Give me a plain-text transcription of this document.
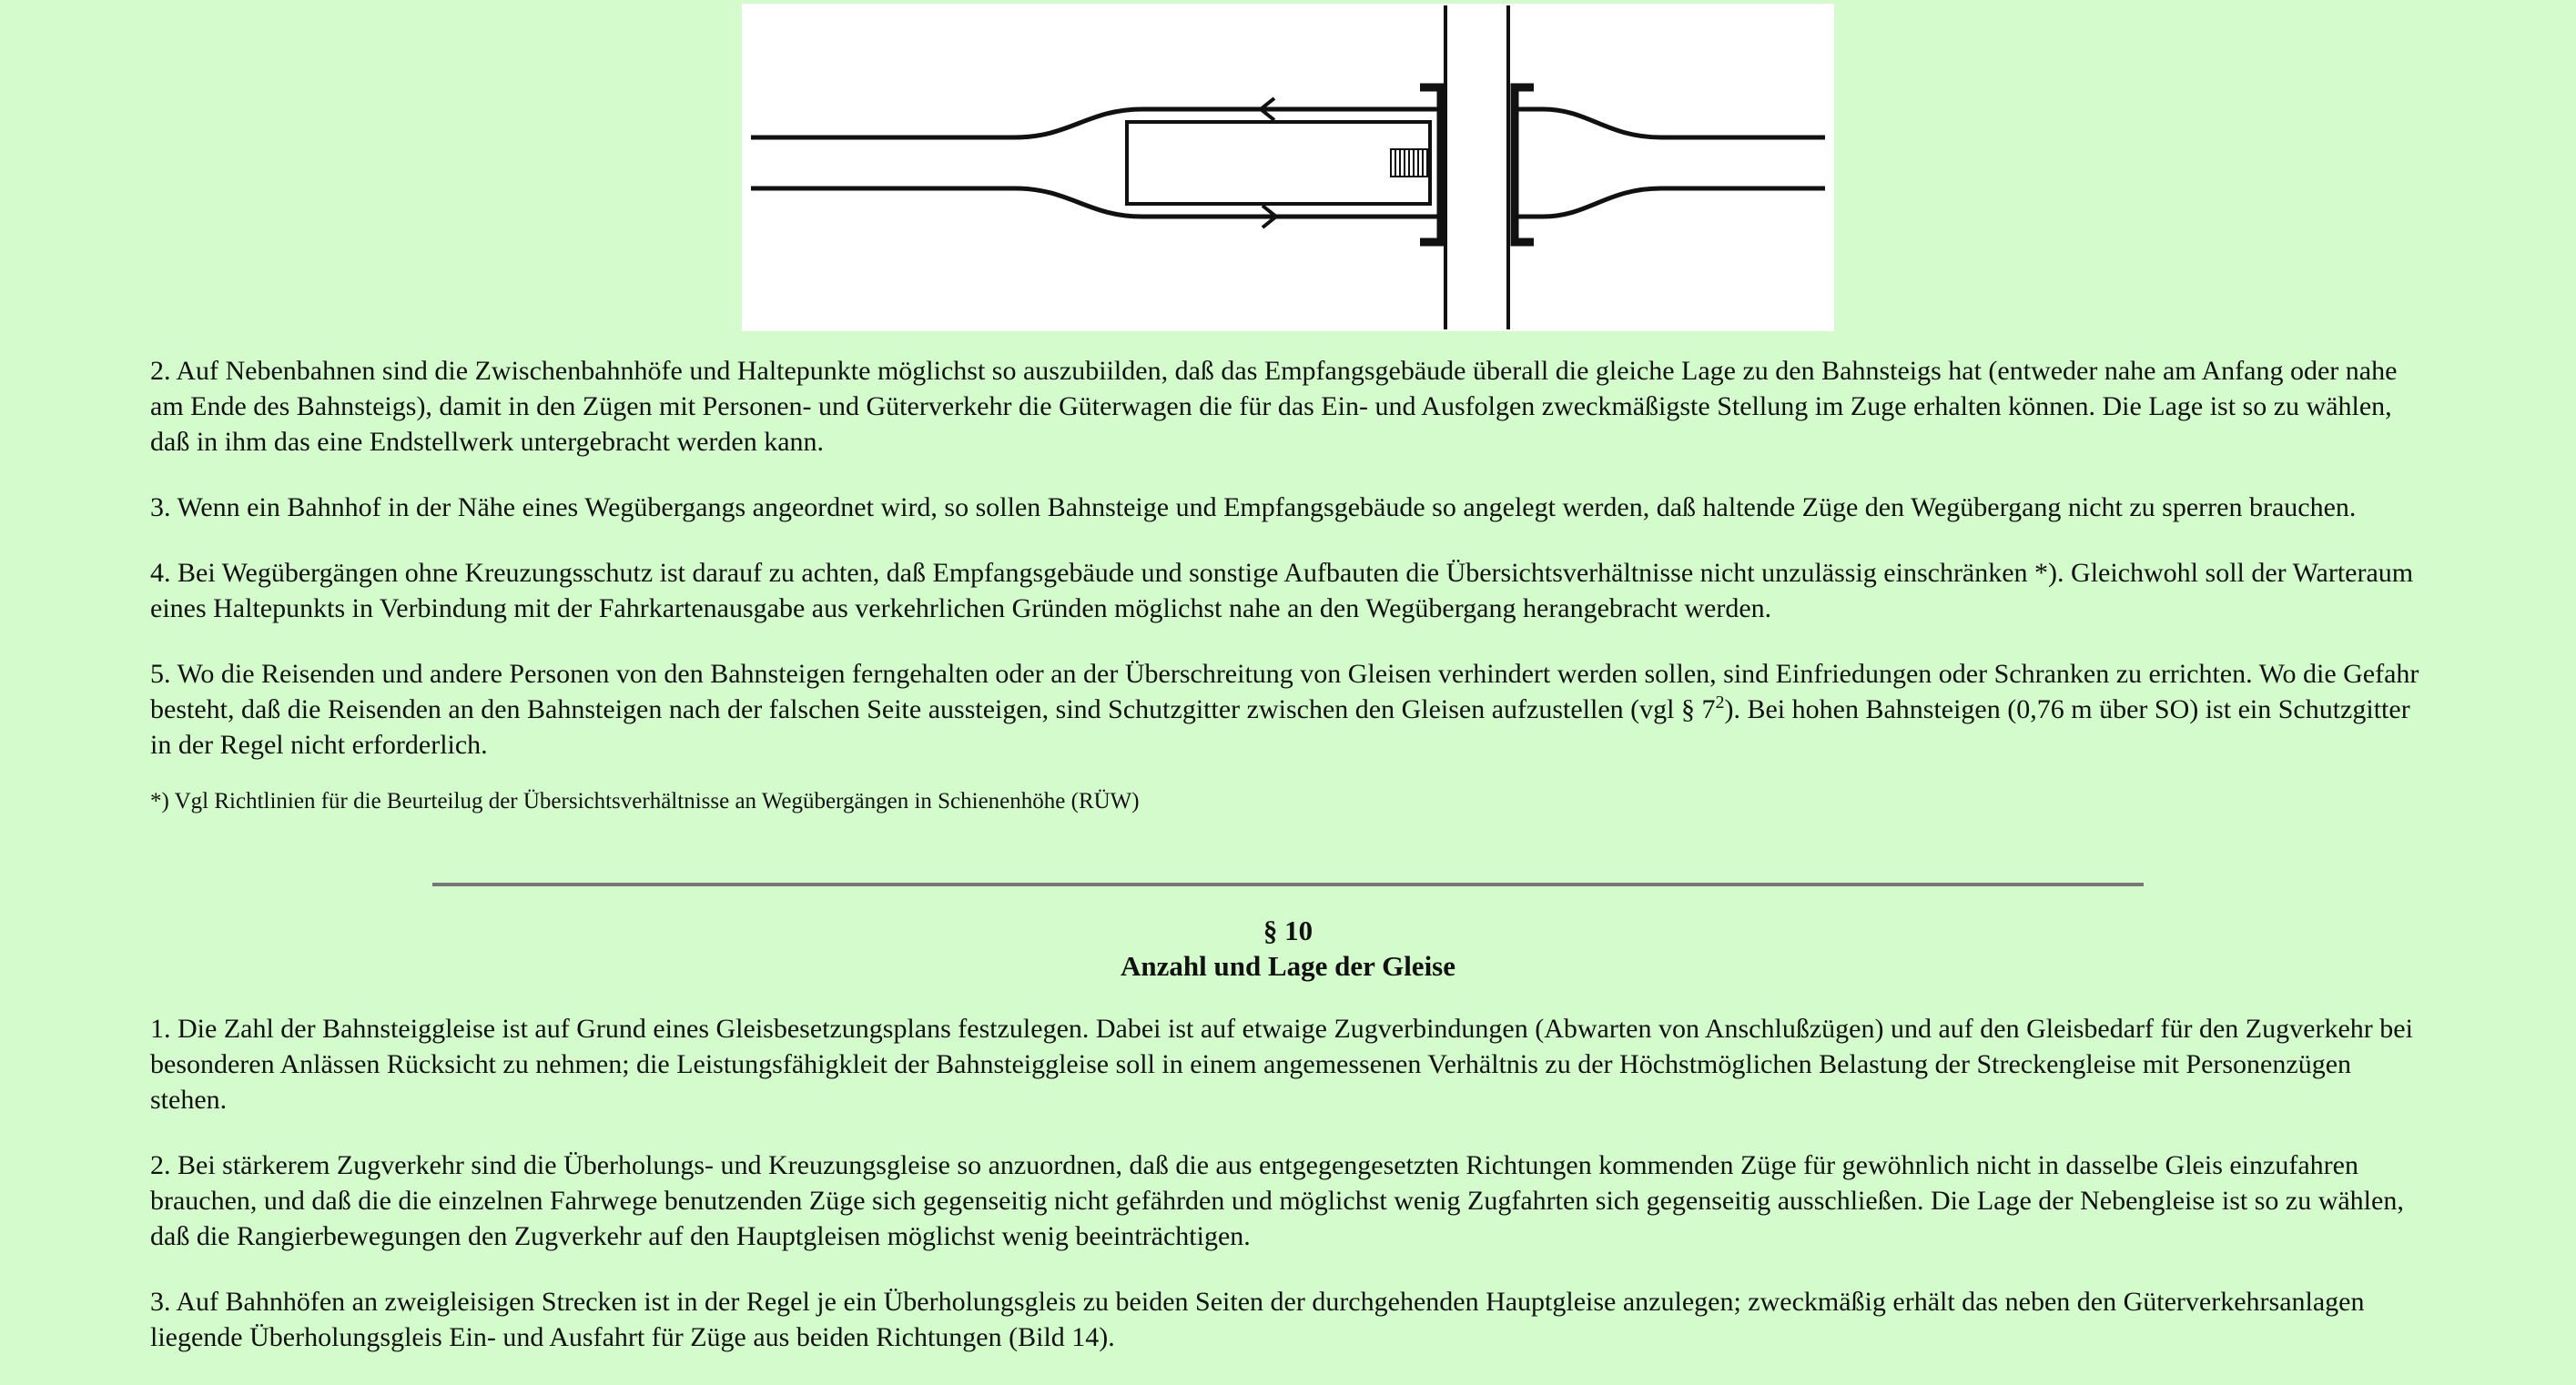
2. Auf Nebenbahnen sind die Zwischenbahnhöfe und Haltepunkte möglichst so auszubiilden, daß das Empfangsgebäude überall die gleiche Lage zu den Bahnsteigs hat (entweder nahe am Anfang oder nahe am Ende des Bahnsteigs), damit in den Zügen mit Personen- und Güterverkehr die Güterwagen die für das Ein- und Ausfolgen zweckmäßigste Stellung im Zuge erhalten können. Die Lage ist so zu wählen, daß in ihm das eine Endstellwerk untergebracht werden kann.

3. Wenn ein Bahnhof in der Nähe eines Wegübergangs angeordnet wird, so sollen Bahnsteige und Empfangsgebäude so angelegt werden, daß haltende Züge den Wegübergang nicht zu sperren brauchen.

4. Bei Wegübergängen ohne Kreuzungsschutz ist darauf zu achten, daß Empfangsgebäude und sonstige Aufbauten die Übersichtsverhältnisse nicht unzulässig einschränken *). Gleichwohl soll der Warteraum eines Haltepunkts in Verbindung mit der Fahrkartenausgabe aus verkehrlichen Gründen möglichst nahe an den Wegübergang herangebracht werden.

5. Wo die Reisenden und andere Personen von den Bahnsteigen ferngehalten oder an der Überschreitung von Gleisen verhindert werden sollen, sind Einfriedungen oder Schranken zu errichten. Wo die Gefahr besteht, daß die Reisenden an den Bahnsteigen nach der falschen Seite aussteigen, sind Schutzgitter zwischen den Gleisen aufzustellen (vgl § $7^2$). Bei hohen Bahnsteigen (0,76 m über SO) ist ein Schutzgitter in der Regel nicht erforderlich.

*) Vgl Richtlinien für die Beurteilug der Übersichtsverhältnisse an Wegübergängen in Schienenhöhe (RÜW)

§ 10
Anzahl und Lage der Gleise

1. Die Zahl der Bahnsteiggleise ist auf Grund eines Gleisbesetzungsplans festzulegen. Dabei ist auf etwaige Zugverbindungen (Abwarten von Anschlußzügen) und auf den Gleisbedarf für den Zugverkehr bei besonderen Anlässen Rücksicht zu nehmen; die Leistungsfähigkleit der Bahnsteiggleise soll in einem angemessenen Verhältnis zu der Höchstmöglichen Belastung der Streckengleise mit Personenzügen stehen.

2. Bei stärkerem Zugverkehr sind die Überholungs- und Kreuzungsgleise so anzuordnen, daß die aus entgegengesetzten Richtungen kommenden Züge für gewöhnlich nicht in dasselbe Gleis einzufahren brauchen, und daß die die einzelnen Fahrwege benutzenden Züge sich gegenseitig nicht gefährden und möglichst wenig Zugfahrten sich gegenseitig ausschließen. Die Lage der Nebengleise ist so zu wählen, daß die Rangierbewegungen den Zugverkehr auf den Hauptgleisen möglichst wenig beeinträchtigen.

3. Auf Bahnhöfen an zweigleisigen Strecken ist in der Regel je ein Überholungsgleis zu beiden Seiten der durchgehenden Hauptgleise anzulegen; zweckmäßig erhält das neben den Güterverkehrsanlagen liegende Überholungsgleis Ein- und Ausfahrt für Züge aus beiden Richtungen (Bild 14).
